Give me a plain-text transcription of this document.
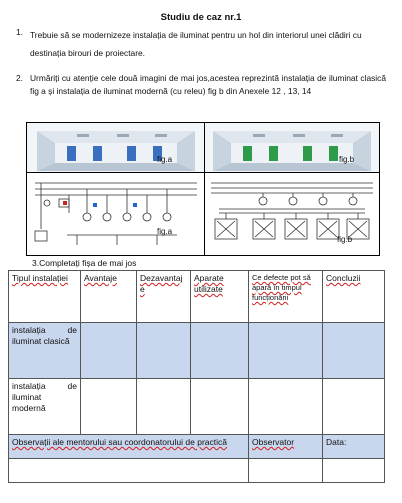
Studiu de caz nr.1
1. Trebuie să se modernizeze instalația de iluminat pentru un hol din interiorul unei clădiri cu destinația birouri de proiectare.
2. Urmăriți cu atenție cele două imagini de mai jos,acestea reprezintă instalația de iluminat clasică fig a și instalația de iluminat modernă (cu releu) fig b din Anexele 12 , 13, 14
fig.a	fig.b
fig.a
fig.b
3.Completați fișa de mai jos
Tipul instalației	Avantaje	Dezavantaje	Aparate utilizate	Ce defecte pot să apară în timpul funcționării	Concluzii
instalația de iluminat clasică					
instalația de iluminat modernă					
Observații ale mentorului sau coordonatorului de practică				Observator	Data:
